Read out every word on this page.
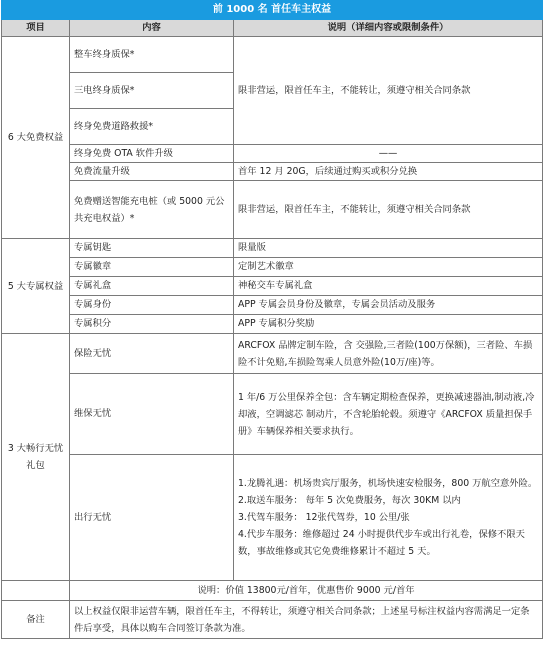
前 1000 名 首任车主权益		
项目	内容	说明（详细内容或限制条件）
6 大免费权益	整车终身质保*	限非营运，限首任车主，不能转让，须遵守相关合同条款
	三电终身质保*	
	终身免费道路救援*	
	终身免费 OTA 软件升级	——
	免费流量升级	首年 12 月 20G，后续通过购买或积分兑换
	免费赠送智能充电桩（或 5000 元公共充电权益）*	限非营运，限首任车主，不能转让，须遵守相关合同条款
5 大专属权益	专属钥匙	限量版
	专属徽章	定制艺术徽章
	专属礼盒	神秘交车专属礼盒
	专属身份	APP 专属会员身份及徽章，专属会员活动及服务
	专属积分	APP 专属积分奖励
3 大畅行无忧礼包	保险无忧	ARCFOX 品牌定制车险，含 交强险,三者险(100万保额)，三者险、车损险不计免赔,车损险驾乘人员意外险(10万/座)等。
	维保无忧	1 年/6 万公里保养全包：含车辆定期检查保养，更换减速器油,制动液,冷却液，空调滤芯 制动片，不含轮胎轮毂。须遵守《ARCFOX 质量担保手册》车辆保养相关要求执行。
	出行无忧	1.龙腾礼遇：机场贵宾厅服务，机场快速安检服务，800 万航空意外险。
2.取送车服务： 每年 5 次免费服务，每次 30KM 以内
3.代驾车服务： 12张代驾券，10 公里/张
4.代步车服务：维修超过 24 小时提供代步车或出行礼卷，保修不限天数，事故维修或其它免费维修累计不超过 5 天。

	说明：价值 13800元/首年，优惠售价 9000 元/首年	
备注	以上权益仅限非运营车辆，限首任车主，不得转让，须遵守相关合同条款；上述星号标注权益内容需满足一定条件后享受，具体以购车合同签订条款为准。	
